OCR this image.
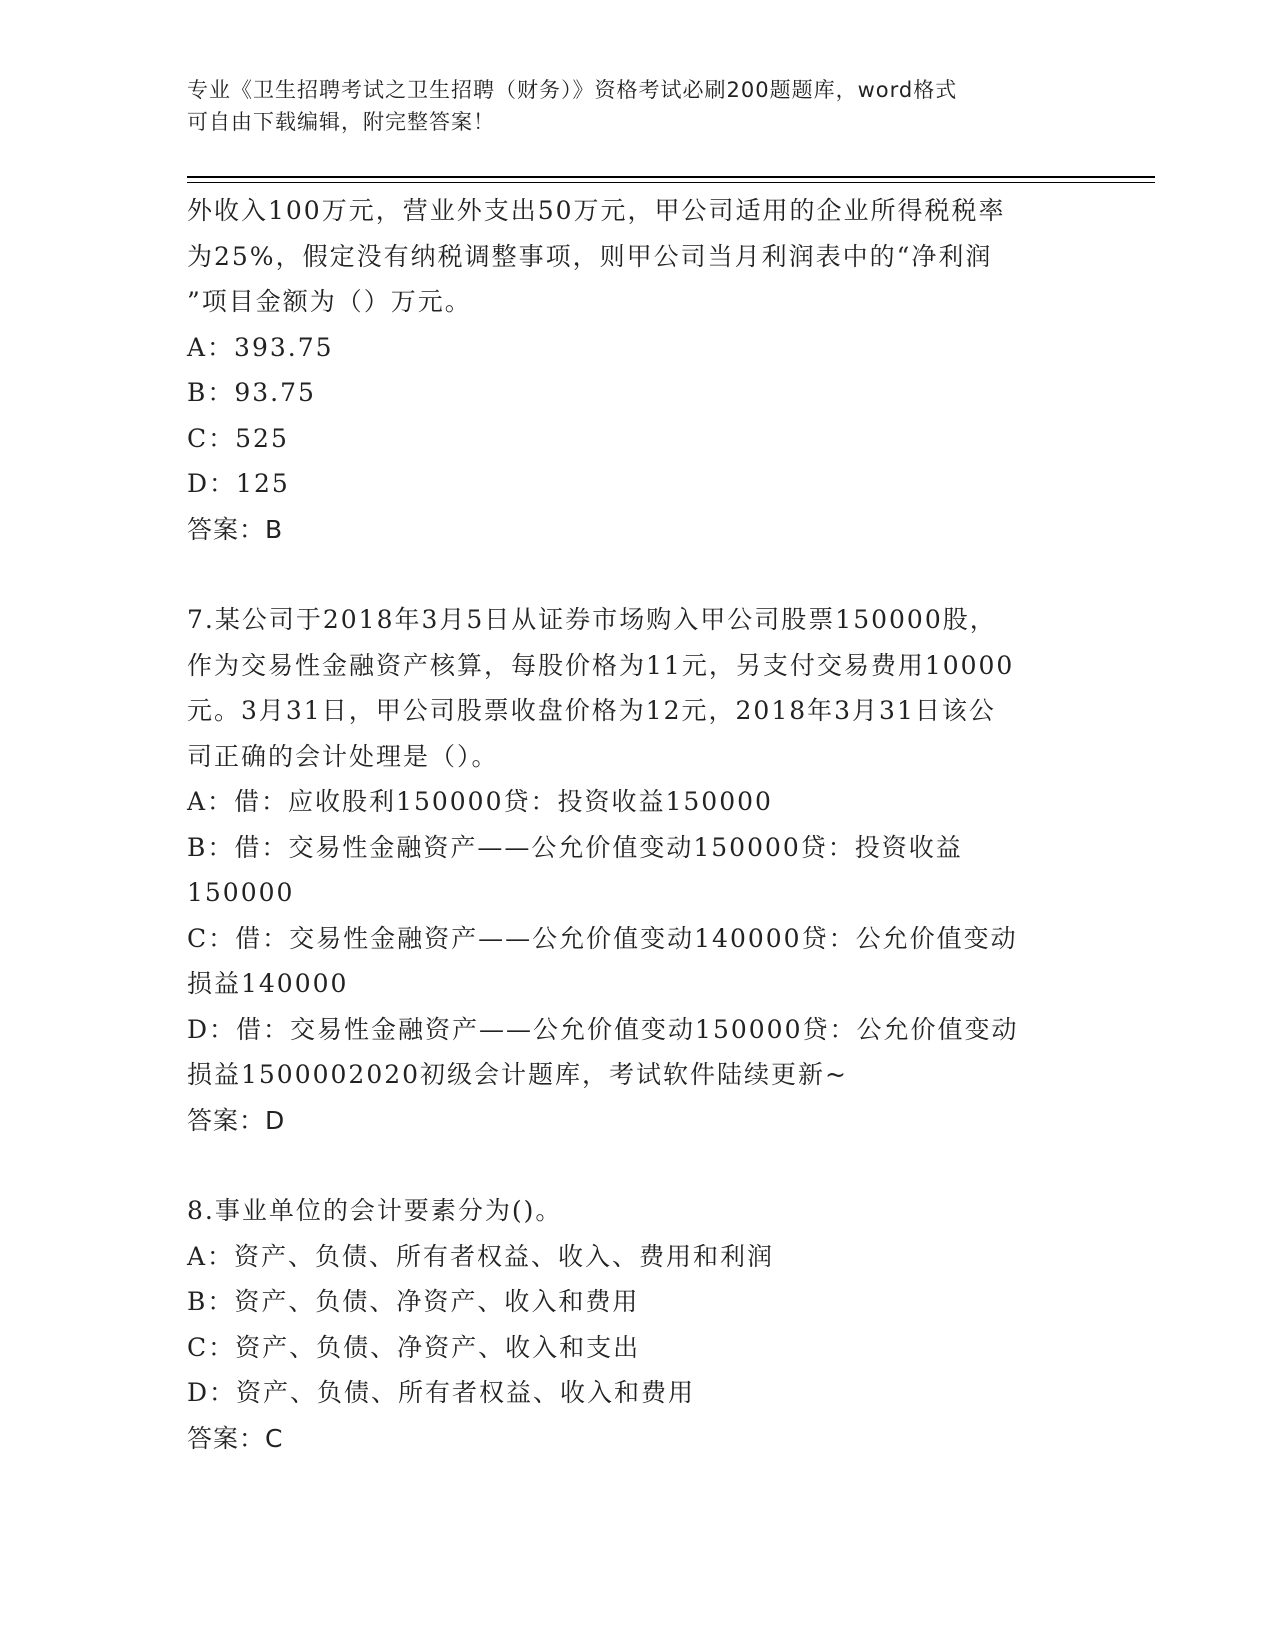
专业《卫生招聘考试之卫生招聘（财务）》资格考试必刷200题题库，word格式
可自由下载编辑，附完整答案！
外收入100万元，营业外支出50万元，甲公司适用的企业所得税税率
为25%，假定没有纳税调整事项，则甲公司当月利润表中的“净利润
”项目金额为（）万元。
A：393.75
B：93.75
C：525
D：125
答案：B
7.某公司于2018年3月5日从证券市场购入甲公司股票150000股，
作为交易性金融资产核算，每股价格为11元，另支付交易费用10000
元。3月31日，甲公司股票收盘价格为12元，2018年3月31日该公
司正确的会计处理是（）。
A：借：应收股利150000贷：投资收益150000
B：借：交易性金融资产——公允价值变动150000贷：投资收益
150000
C：借：交易性金融资产——公允价值变动140000贷：公允价值变动
损益140000
D：借：交易性金融资产——公允价值变动150000贷：公允价值变动
损益1500002020初级会计题库，考试软件陆续更新~
答案：D
8.事业单位的会计要素分为()。
A：资产、负债、所有者权益、收入、费用和利润
B：资产、负债、净资产、收入和费用
C：资产、负债、净资产、收入和支出
D：资产、负债、所有者权益、收入和费用
答案：C
